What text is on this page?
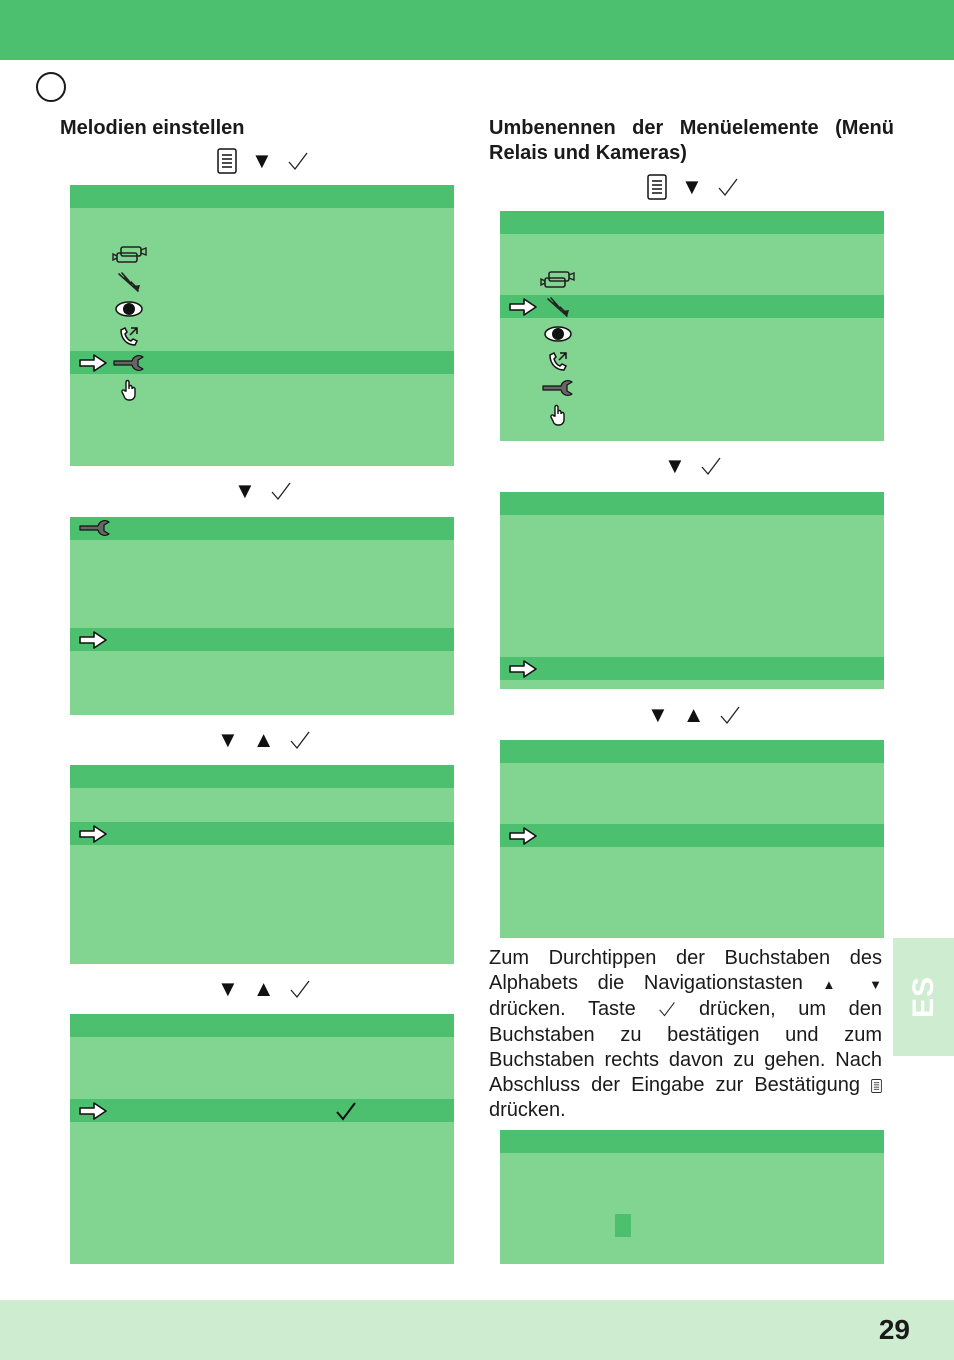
Melodien einstellen
▼
▼
▼ ▲
▼ ▲
Umbenennen der Menüelemente (Menü Relais und Kameras)
▼
▼
▼ ▲
Zum Durchtippen der Buchstaben des Alphabets die Navigationstasten ▲ ▼ drücken. Taste	drücken, um den Buchstaben zu bestätigen und zum Buchstaben rechts davon zu gehen. Nach Abschluss der Eingabe zur Bestätigung  drücken.
ES
29
